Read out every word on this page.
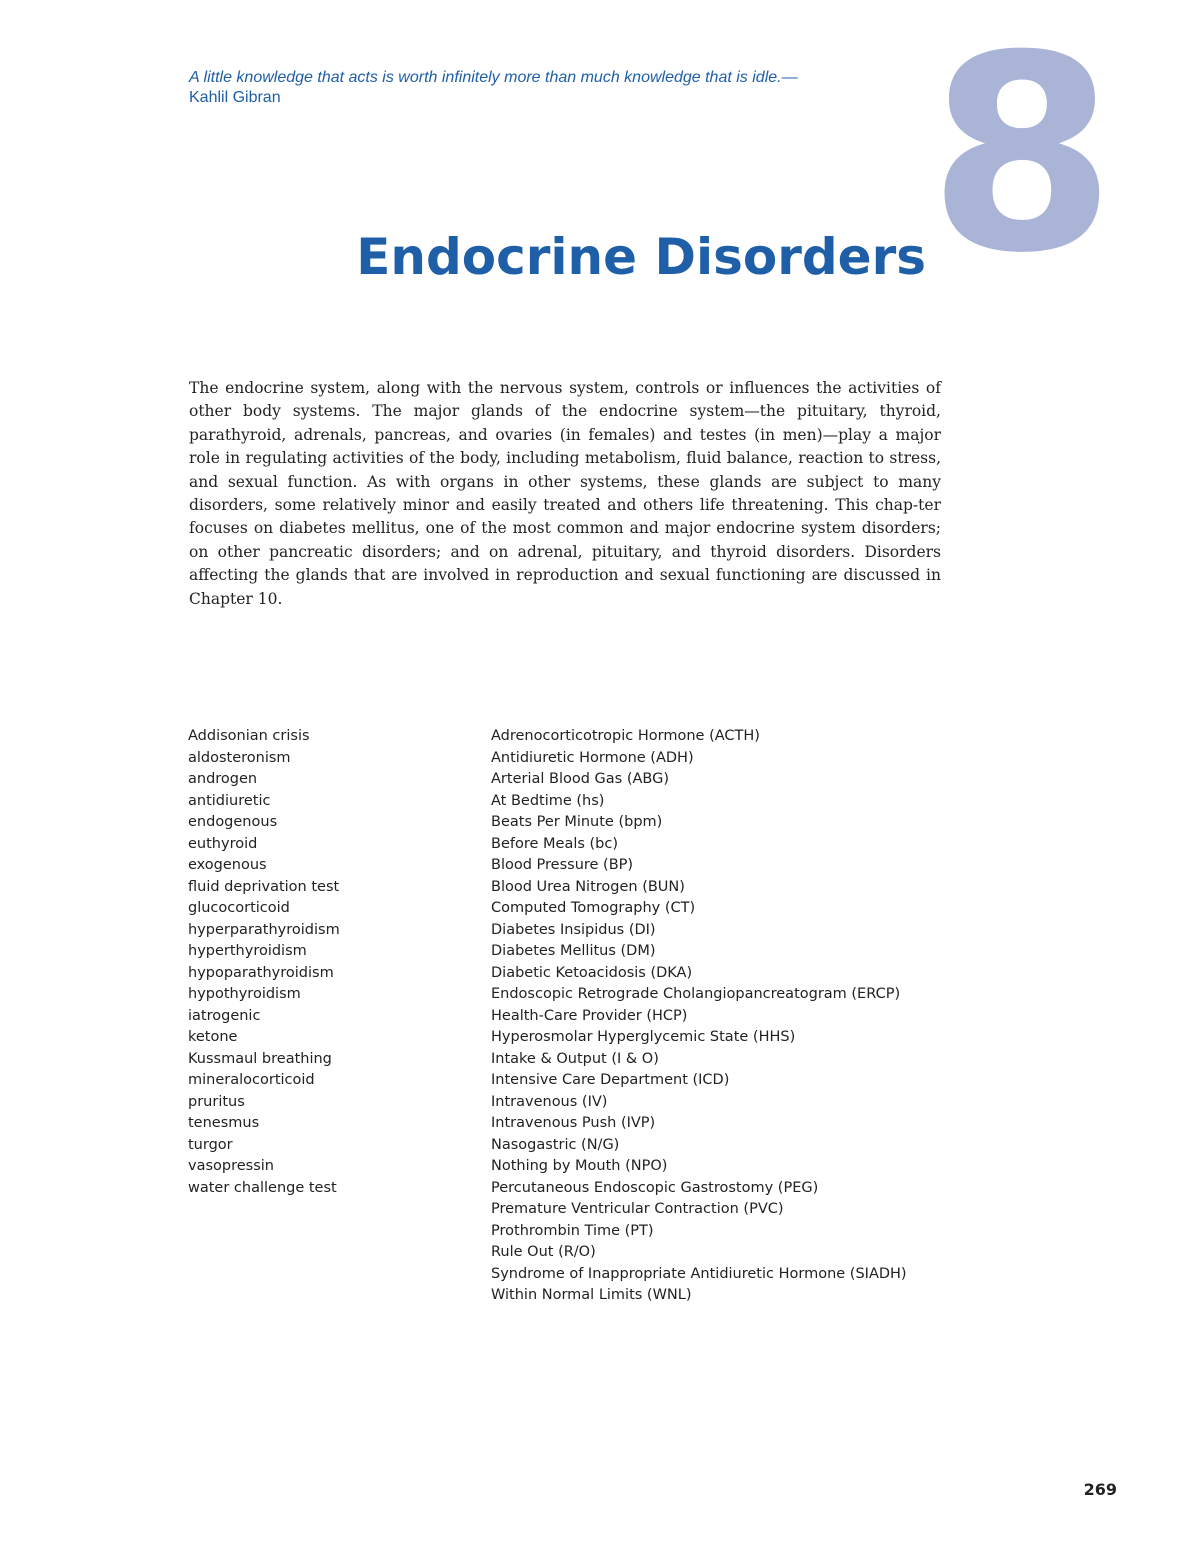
A little knowledge that acts is worth infinitely more than much knowledge that is idle.—
Kahlil Gibran	8
Endocrine Disorders

The endocrine system, along with the nervous system, controls or influences the activities of other body systems. The major glands of the endocrine system—the pituitary, thyroid, parathyroid, adrenals, pancreas, and ovaries (in females) and testes (in men)—play a major role in regulating activities of the body, including metabolism, fluid balance, reaction to stress, and sexual function. As with organs in other systems, these glands are subject to many disorders, some relatively minor and easily treated and others life threatening. This chap-ter focuses on diabetes mellitus, one of the most common and major endocrine system disorders; on other pancreatic disorders; and on adrenal, pituitary, and thyroid disorders. Disorders affecting the glands that are involved in reproduction and sexual functioning are discussed in Chapter 10.

Addisonian crisis
aldosteronism
androgen
antidiuretic
endogenous
euthyroid
exogenous
fluid deprivation test
glucocorticoid
hyperparathyroidism
hyperthyroidism
hypoparathyroidism
hypothyroidism
iatrogenic
ketone
Kussmaul breathing
mineralocorticoid
pruritus
tenesmus
turgor
vasopressin
water challenge test
Adrenocorticotropic Hormone (ACTH)
Antidiuretic Hormone (ADH)
Arterial Blood Gas (ABG)
At Bedtime (hs)
Beats Per Minute (bpm)
Before Meals (bc)
Blood Pressure (BP)
Blood Urea Nitrogen (BUN)
Computed Tomography (CT)
Diabetes Insipidus (DI)
Diabetes Mellitus (DM)
Diabetic Ketoacidosis (DKA)
Endoscopic Retrograde Cholangiopancreatogram (ERCP)
Health-Care Provider (HCP)
Hyperosmolar Hyperglycemic State (HHS)
Intake & Output (I & O)
Intensive Care Department (ICD)
Intravenous (IV)
Intravenous Push (IVP)
Nasogastric (N/G)
Nothing by Mouth (NPO)
Percutaneous Endoscopic Gastrostomy (PEG)
Premature Ventricular Contraction (PVC)
Prothrombin Time (PT)
Rule Out (R/O)
Syndrome of Inappropriate Antidiuretic Hormone (SIADH)
Within Normal Limits (WNL)
269
